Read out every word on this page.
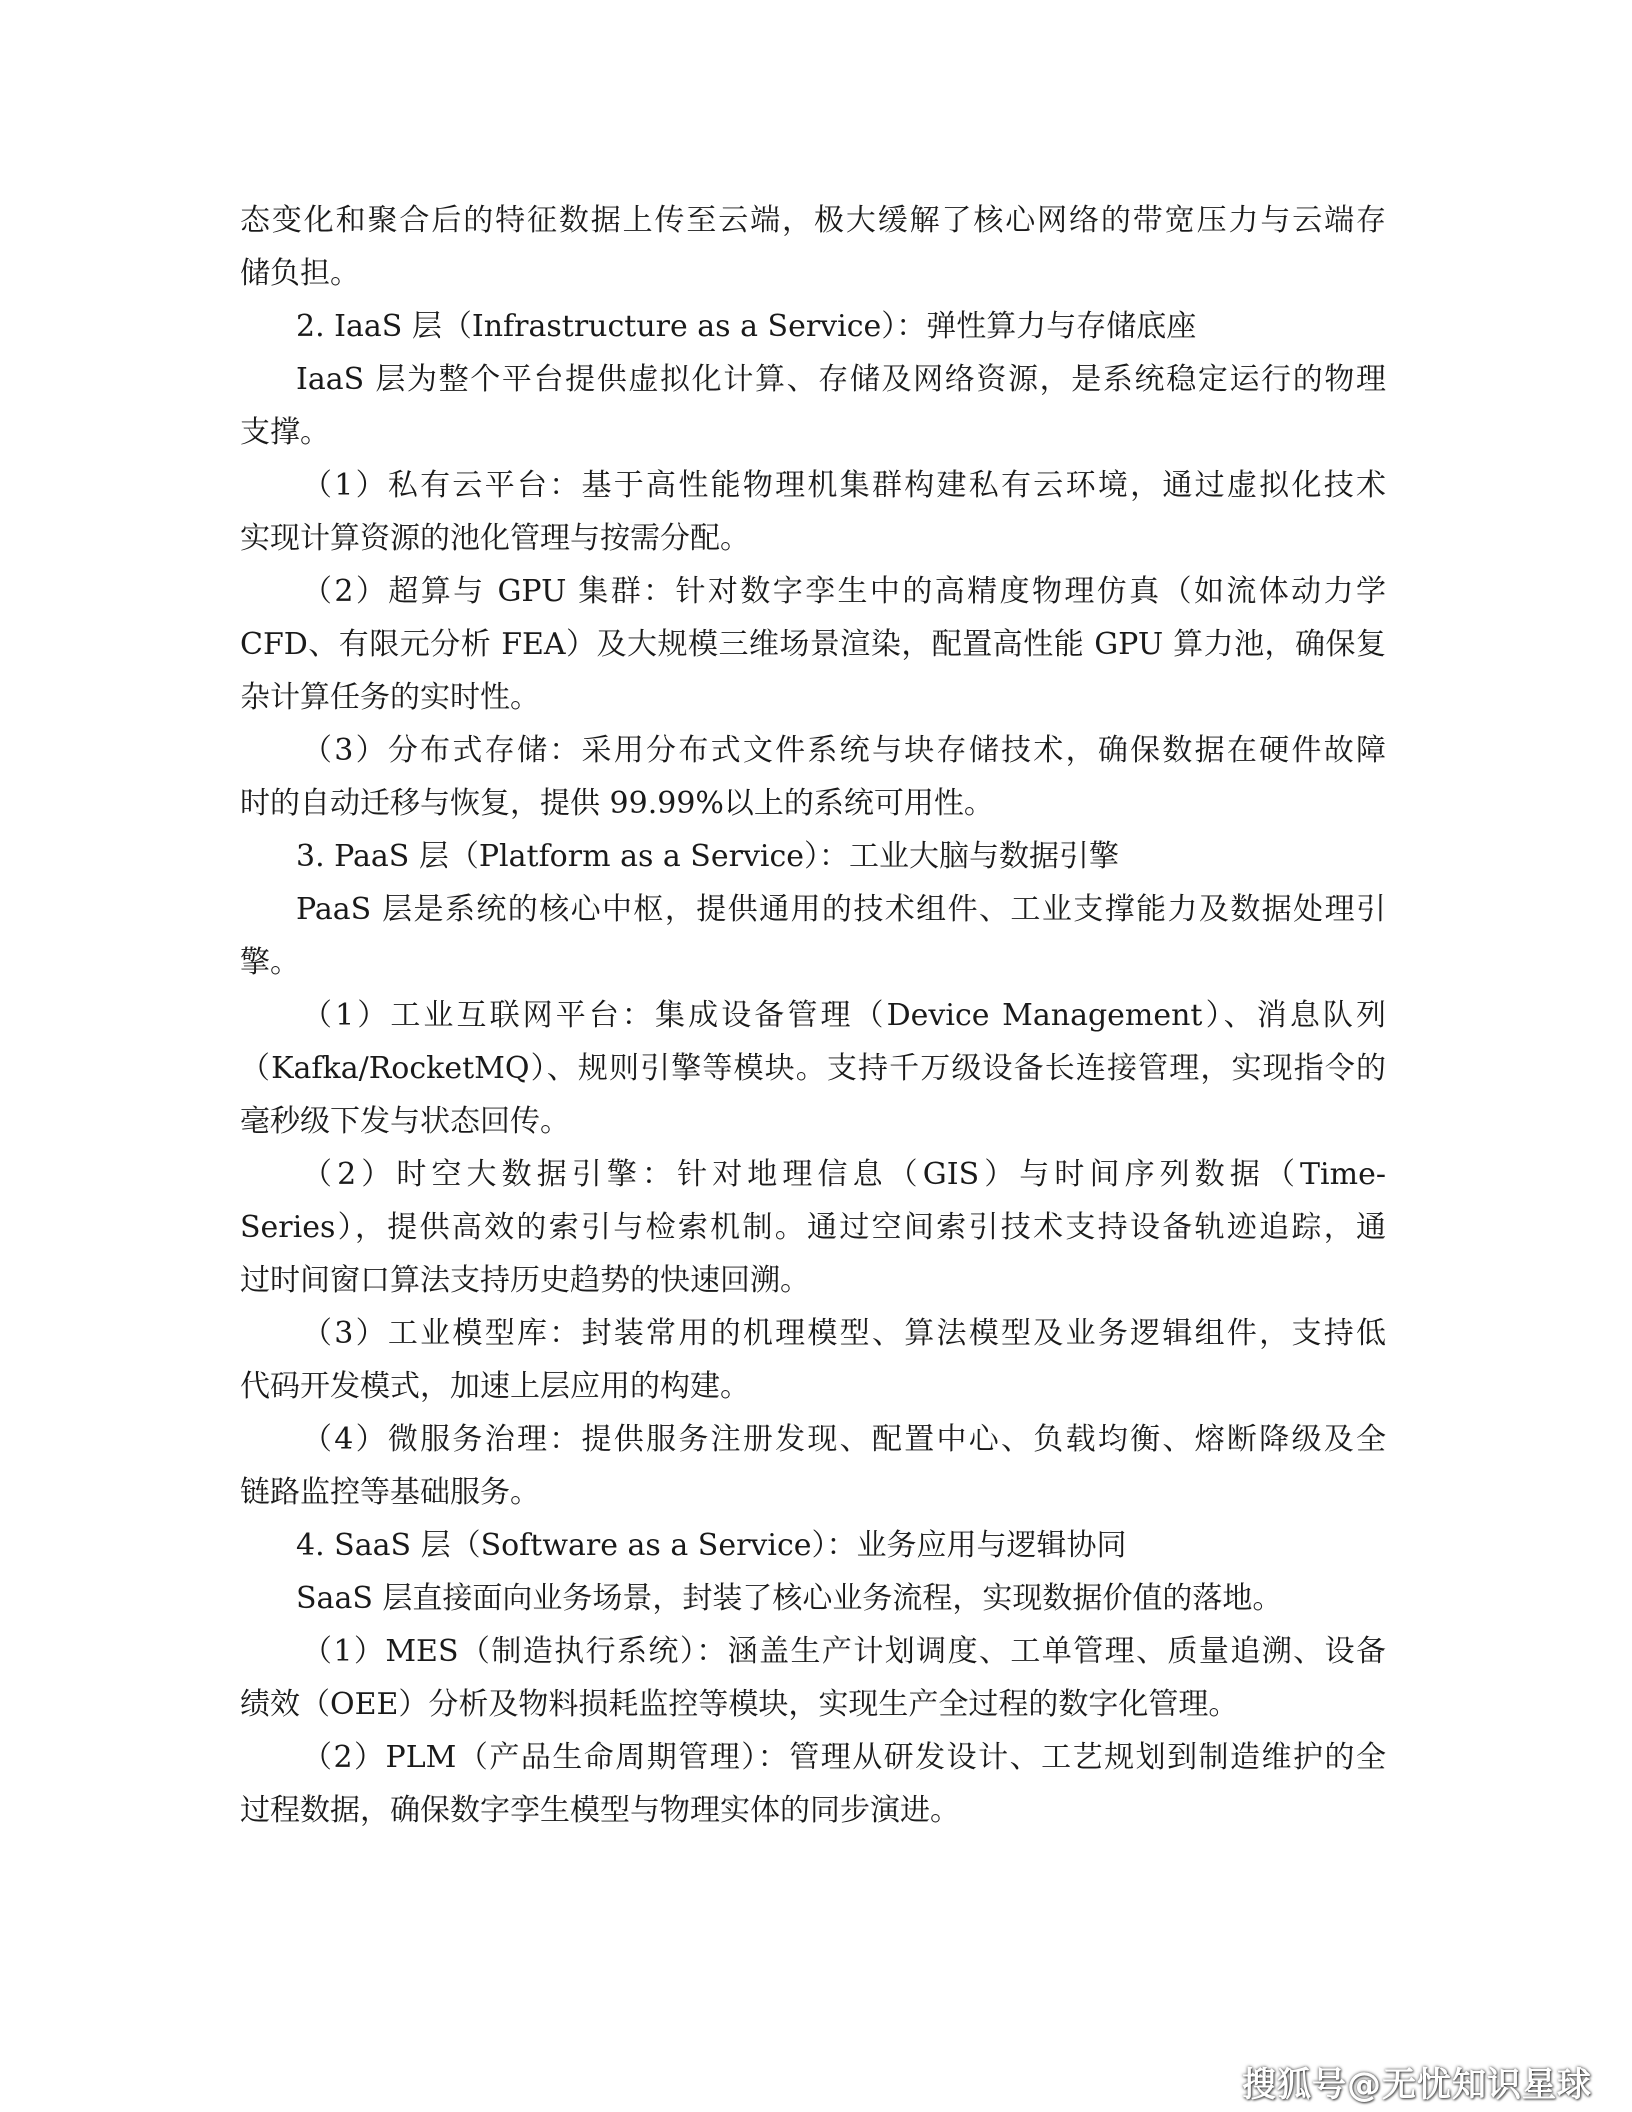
态变化和聚合后的特征数据上传至云端，极大缓解了核心网络的带宽压力与云端存
储负担。
2. IaaS 层（Infrastructure as a Service）：弹性算力与存储底座
IaaS 层为整个平台提供虚拟化计算、存储及网络资源，是系统稳定运行的物理
支撑。
（1）私有云平台：基于高性能物理机集群构建私有云环境，通过虚拟化技术
实现计算资源的池化管理与按需分配。
（2）超算与 GPU 集群：针对数字孪生中的高精度物理仿真（如流体动力学
CFD、有限元分析 FEA）及大规模三维场景渲染，配置高性能 GPU 算力池，确保复
杂计算任务的实时性。
（3）分布式存储：采用分布式文件系统与块存储技术，确保数据在硬件故障
时的自动迁移与恢复，提供 99.99%以上的系统可用性。
3. PaaS 层（Platform as a Service）：工业大脑与数据引擎
PaaS 层是系统的核心中枢，提供通用的技术组件、工业支撑能力及数据处理引
擎。
（1）工业互联网平台：集成设备管理（Device Management）、消息队列
（Kafka/RocketMQ）、规则引擎等模块。支持千万级设备长连接管理，实现指令的
毫秒级下发与状态回传。
（2）时空大数据引擎：针对地理信息（GIS）与时间序列数据（Time-
Series），提供高效的索引与检索机制。通过空间索引技术支持设备轨迹追踪，通
过时间窗口算法支持历史趋势的快速回溯。
（3）工业模型库：封装常用的机理模型、算法模型及业务逻辑组件，支持低
代码开发模式，加速上层应用的构建。
（4）微服务治理：提供服务注册发现、配置中心、负载均衡、熔断降级及全
链路监控等基础服务。
4. SaaS 层（Software as a Service）：业务应用与逻辑协同
SaaS 层直接面向业务场景，封装了核心业务流程，实现数据价值的落地。
（1）MES（制造执行系统）：涵盖生产计划调度、工单管理、质量追溯、设备
绩效（OEE）分析及物料损耗监控等模块，实现生产全过程的数字化管理。
（2）PLM（产品生命周期管理）：管理从研发设计、工艺规划到制造维护的全
过程数据，确保数字孪生模型与物理实体的同步演进。
搜狐号@无忧知识星球
